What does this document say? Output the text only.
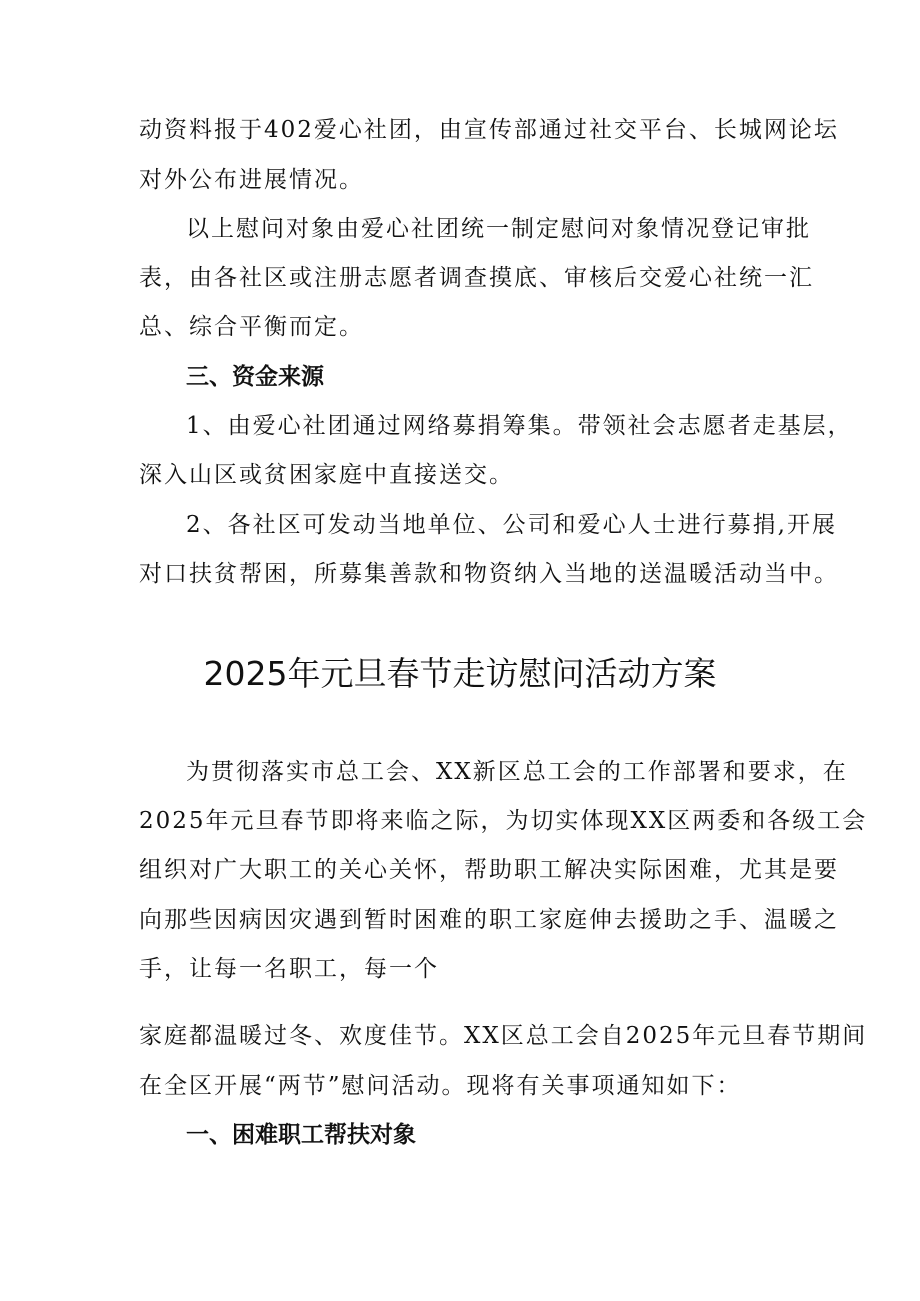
动资料报于402爱心社团，由宣传部通过社交平台、长城网论坛
对外公布进展情况。
以上慰问对象由爱心社团统一制定慰问对象情况登记审批
表，由各社区或注册志愿者调查摸底、审核后交爱心社统一汇
总、综合平衡而定。
三、资金来源
1、由爱心社团通过网络募捐筹集。带领社会志愿者走基层，
深入山区或贫困家庭中直接送交。
2、各社区可发动当地单位、公司和爱心人士进行募捐,开展
对口扶贫帮困，所募集善款和物资纳入当地的送温暖活动当中。
2025年元旦春节走访慰问活动方案
为贯彻落实市总工会、XX新区总工会的工作部署和要求，在
2025年元旦春节即将来临之际，为切实体现XX区两委和各级工会
组织对广大职工的关心关怀，帮助职工解决实际困难，尤其是要
向那些因病因灾遇到暂时困难的职工家庭伸去援助之手、温暖之
手，让每一名职工，每一个
家庭都温暖过冬、欢度佳节。XX区总工会自2025年元旦春节期间
在全区开展“两节”慰问活动。现将有关事项通知如下：
一、困难职工帮扶对象
